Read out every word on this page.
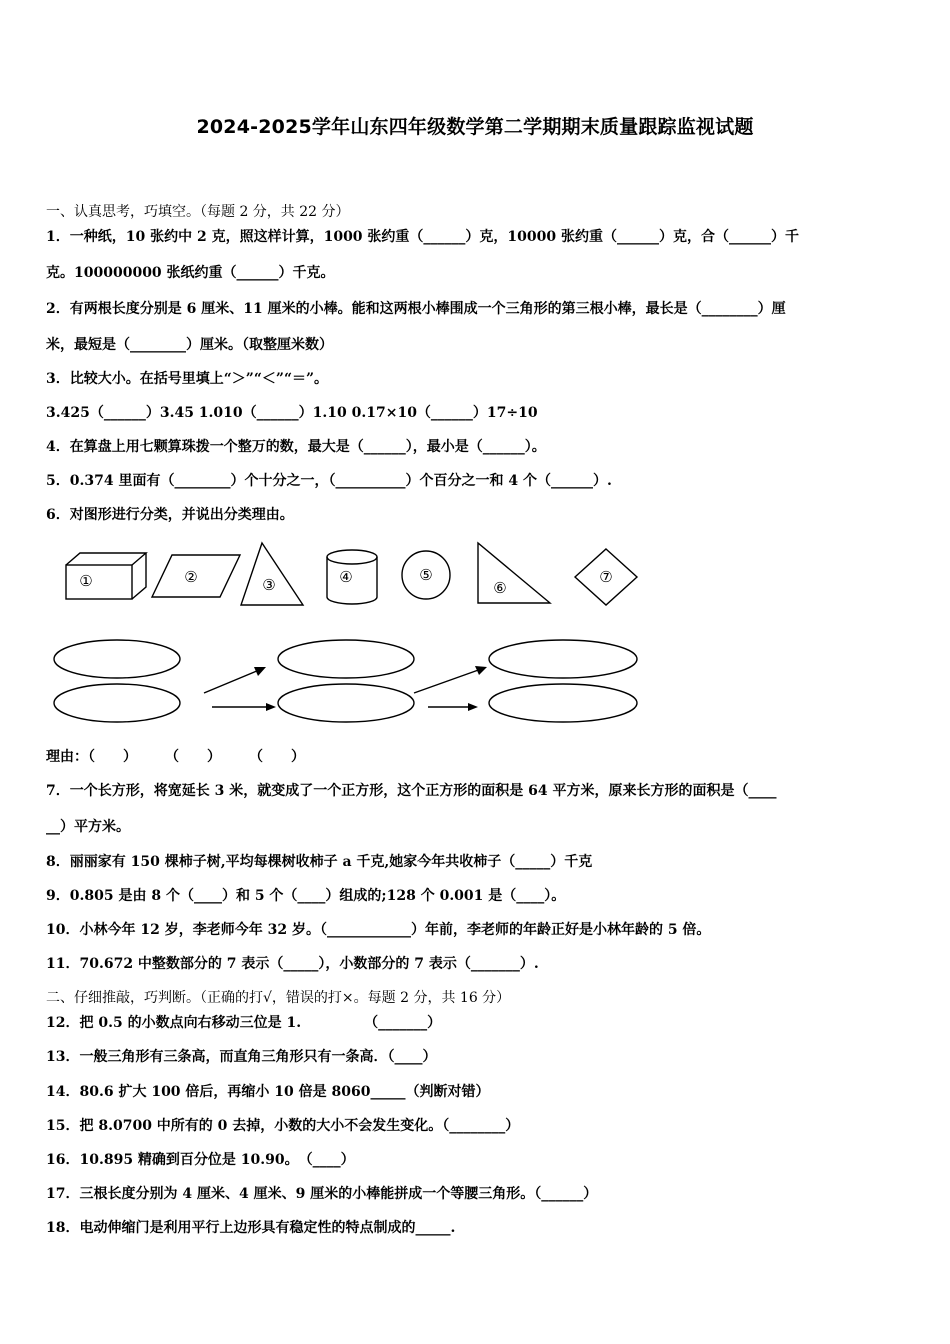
2024-2025学年山东四年级数学第二学期期末质量跟踪监视试题
一、认真思考，巧填空。（每题 2 分，共 22 分）
1．一种纸，10 张约中 2 克，照这样计算，1000 张约重（______）克，10000 张约重（______）克，合（______）千
克。100000000 张纸约重（______）千克。
2．有两根长度分别是 6 厘米、11 厘米的小棒。能和这两根小棒围成一个三角形的第三根小棒，最长是（________）厘
米，最短是（________）厘米。（取整厘米数）
3．比较大小。在括号里填上“＞”“＜”“＝”。
3.425（______）3.45 1.010（______）1.10 0.17×10（______）17÷10
4．在算盘上用七颗算珠拨一个整万的数，最大是（______），最小是（______）。
5．0.374 里面有（________）个十分之一，（__________）个百分之一和 4 个（______）.
6．对图形进行分类，并说出分类理由。
①	②	③	④	⑤
⑥
⑦
理由：（　　）　　　（　　）　　　（　　）
7．一个长方形，将宽延长 3 米，就变成了一个正方形，这个正方形的面积是 64 平方米，原来长方形的面积是（____
__）平方米。
8．丽丽家有 150 棵柿子树,平均每棵树收柿子 a 千克,她家今年共收柿子（_____）千克
9．0.805 是由 8 个（____）和 5 个（____）组成的;128 个 0.001 是（____）。
10．小林今年 12 岁，李老师今年 32 岁。（____________）年前，李老师的年龄正好是小林年龄的 5 倍。
11．70.672 中整数部分的 7 表示（_____），小数部分的 7 表示（_______）.
二、仔细推敲，巧判断。（正确的打√，错误的打×。每题 2 分，共 16 分）
12．把 0.5 的小数点向右移动三位是 1.　　　　　（_______）
13．一般三角形有三条高，而直角三角形只有一条高．（____）
14．80.6 扩大 100 倍后，再缩小 10 倍是 8060_____（判断对错）
15．把 8.0700 中所有的 0 去掉，小数的大小不会发生变化。（________）
16．10.895 精确到百分位是 10.90。　（____）
17．三根长度分别为 4 厘米、4 厘米、9 厘米的小棒能拼成一个等腰三角形。（______）
18．电动伸缩门是利用平行上边形具有稳定性的特点制成的_____.
